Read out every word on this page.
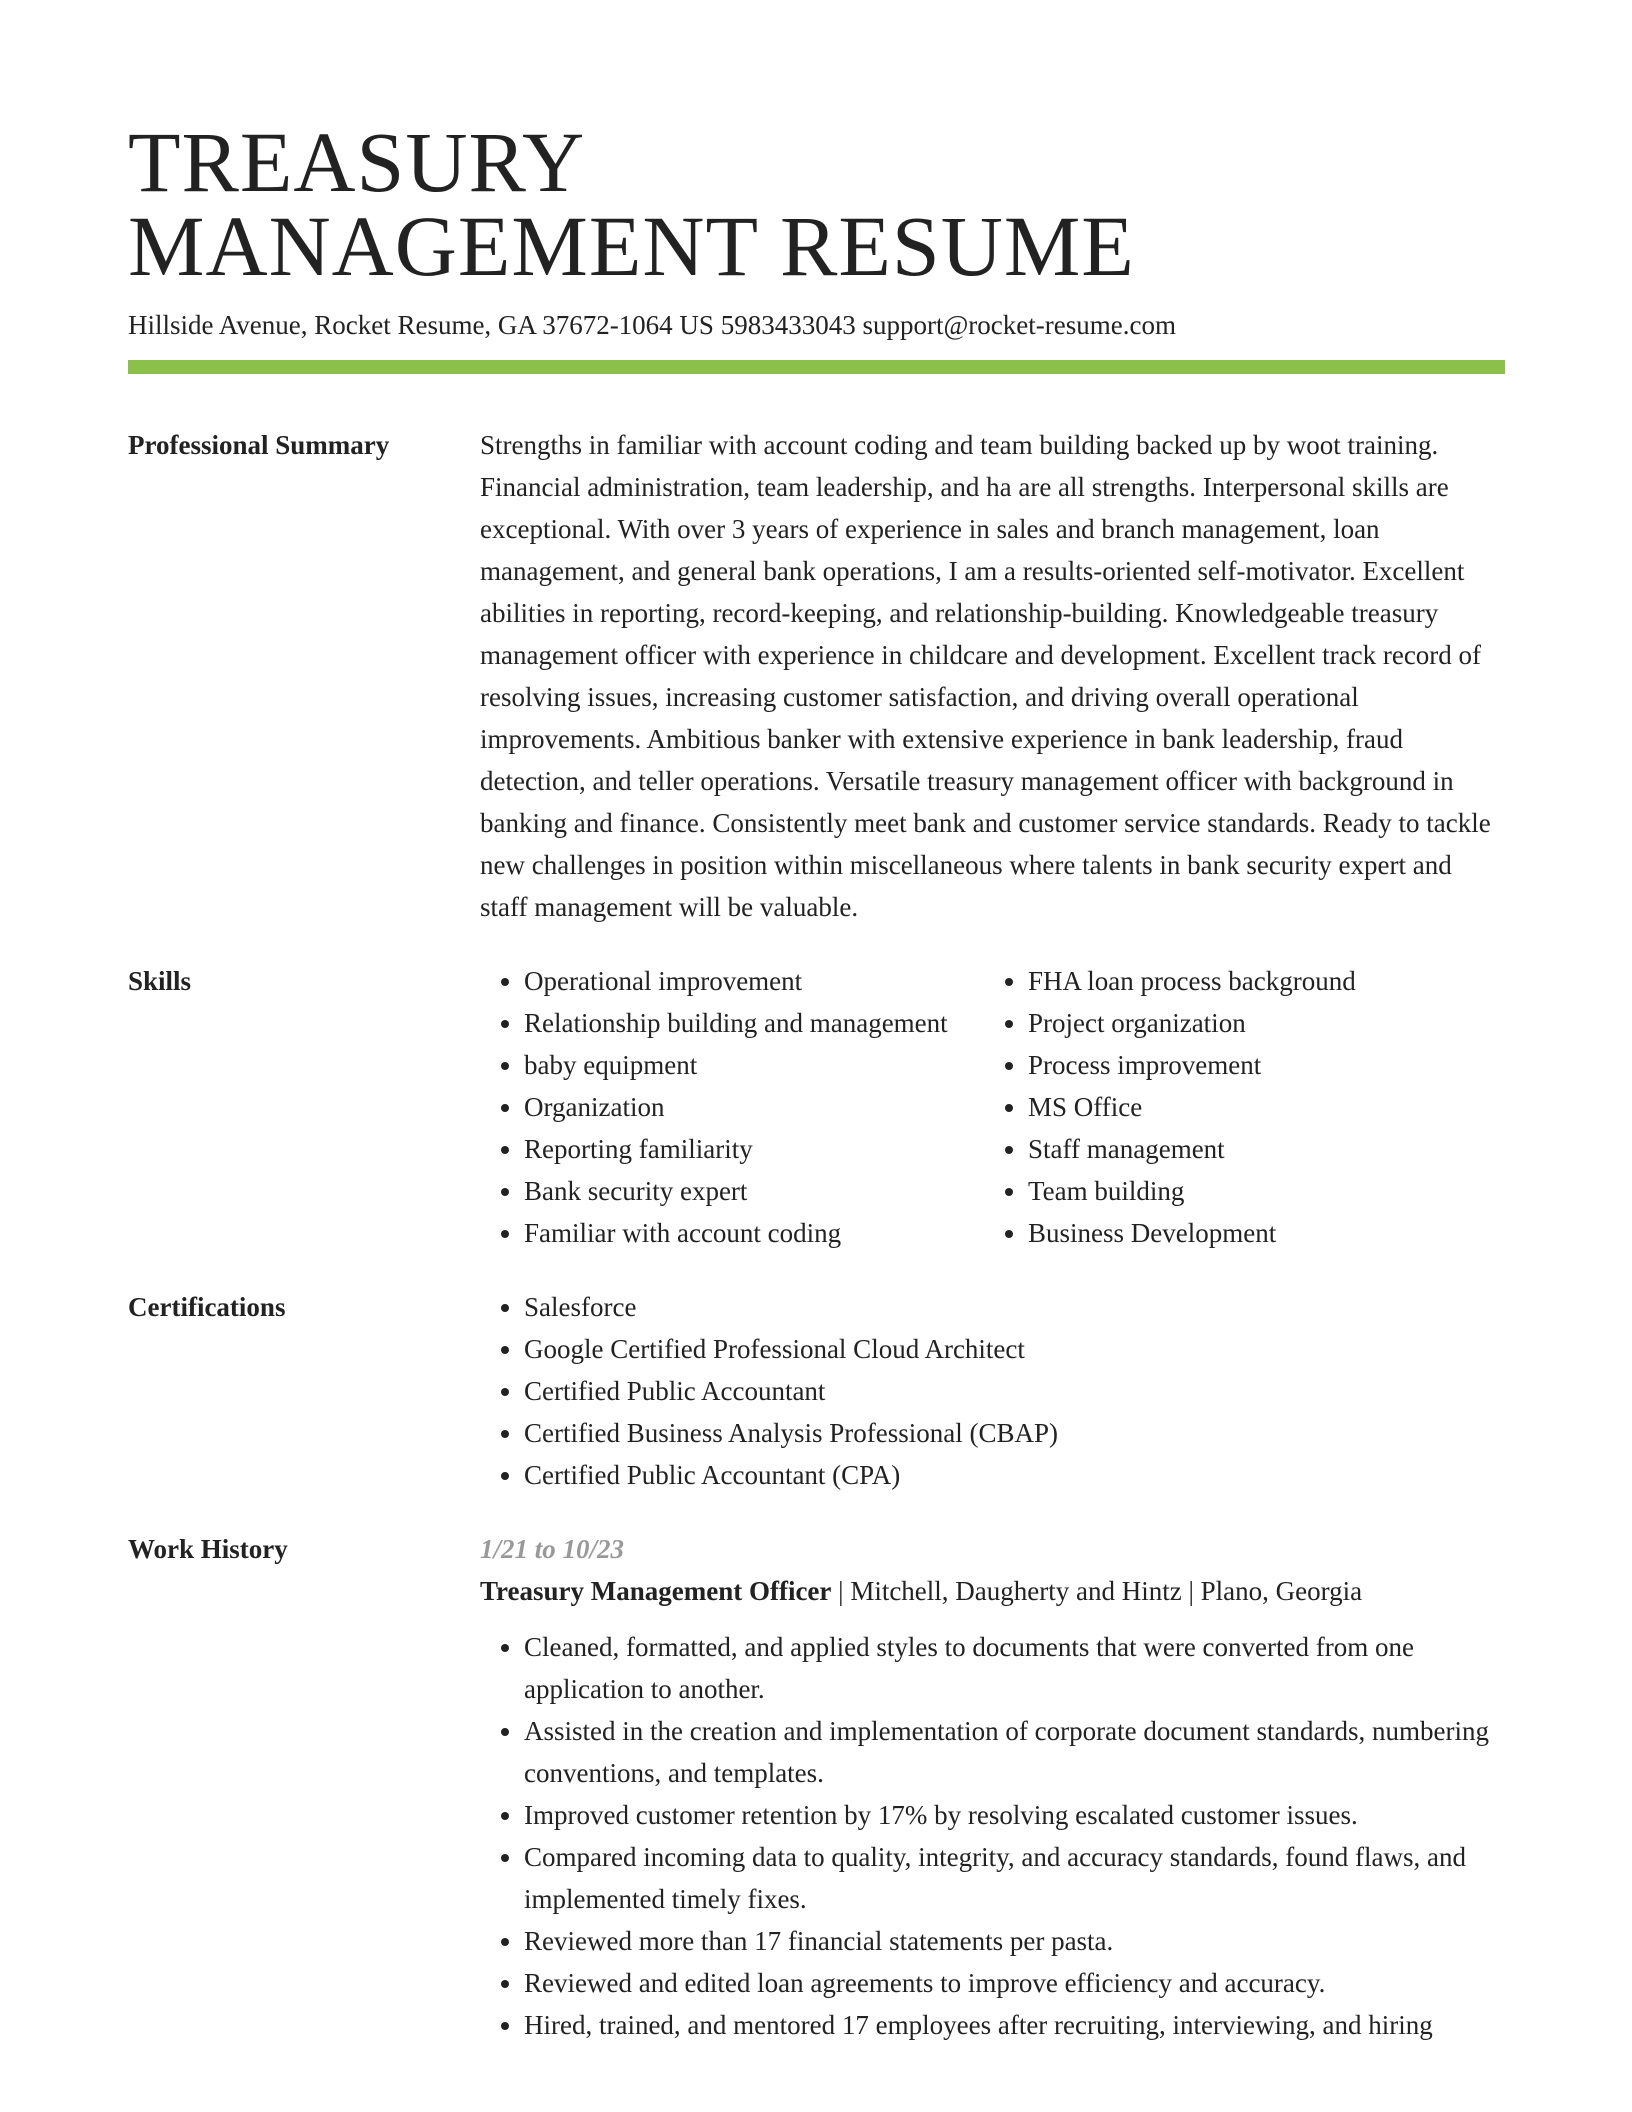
TREASURY
MANAGEMENT RESUME
Hillside Avenue, Rocket Resume, GA 37672-1064 US 5983433043 support@rocket-resume.com
Professional Summary	Strengths in familiar with account coding and team building backed up by woot training. Financial administration, team leadership, and ha are all strengths. Interpersonal skills are exceptional. With over 3 years of experience in sales and branch management, loan management, and general bank operations, I am a results-oriented self-motivator. Excellent abilities in reporting, record-keeping, and relationship-building. Knowledgeable treasury management officer with experience in childcare and development. Excellent track record of resolving issues, increasing customer satisfaction, and driving overall operational improvements. Ambitious banker with extensive experience in bank leadership, fraud detection, and teller operations. Versatile treasury management officer with background in banking and finance. Consistently meet bank and customer service standards. Ready to tackle new challenges in position within miscellaneous where talents in bank security expert and staff management will be valuable.

Skills	• Operational improvement
• Relationship building and management
• baby equipment
• Organization
• Reporting familiarity
• Bank security expert
• Familiar with account coding
• FHA loan process background
• Project organization
• Process improvement
• MS Office
• Staff management
• Team building
• Business Development
Certifications	• Salesforce
• Google Certified Professional Cloud Architect
• Certified Public Accountant
• Certified Business Analysis Professional (CBAP)
• Certified Public Accountant (CPA)
Work History	1/21 to 10/23
Treasury Management Officer | Mitchell, Daugherty and Hintz | Plano, Georgia
• Cleaned, formatted, and applied styles to documents that were converted from one application to another.
• Assisted in the creation and implementation of corporate document standards, numbering conventions, and templates.
• Improved customer retention by 17% by resolving escalated customer issues.
• Compared incoming data to quality, integrity, and accuracy standards, found flaws, and implemented timely fixes.
• Reviewed more than 17 financial statements per pasta.
• Reviewed and edited loan agreements to improve efficiency and accuracy.
• Hired, trained, and mentored 17 employees after recruiting, interviewing, and hiring
